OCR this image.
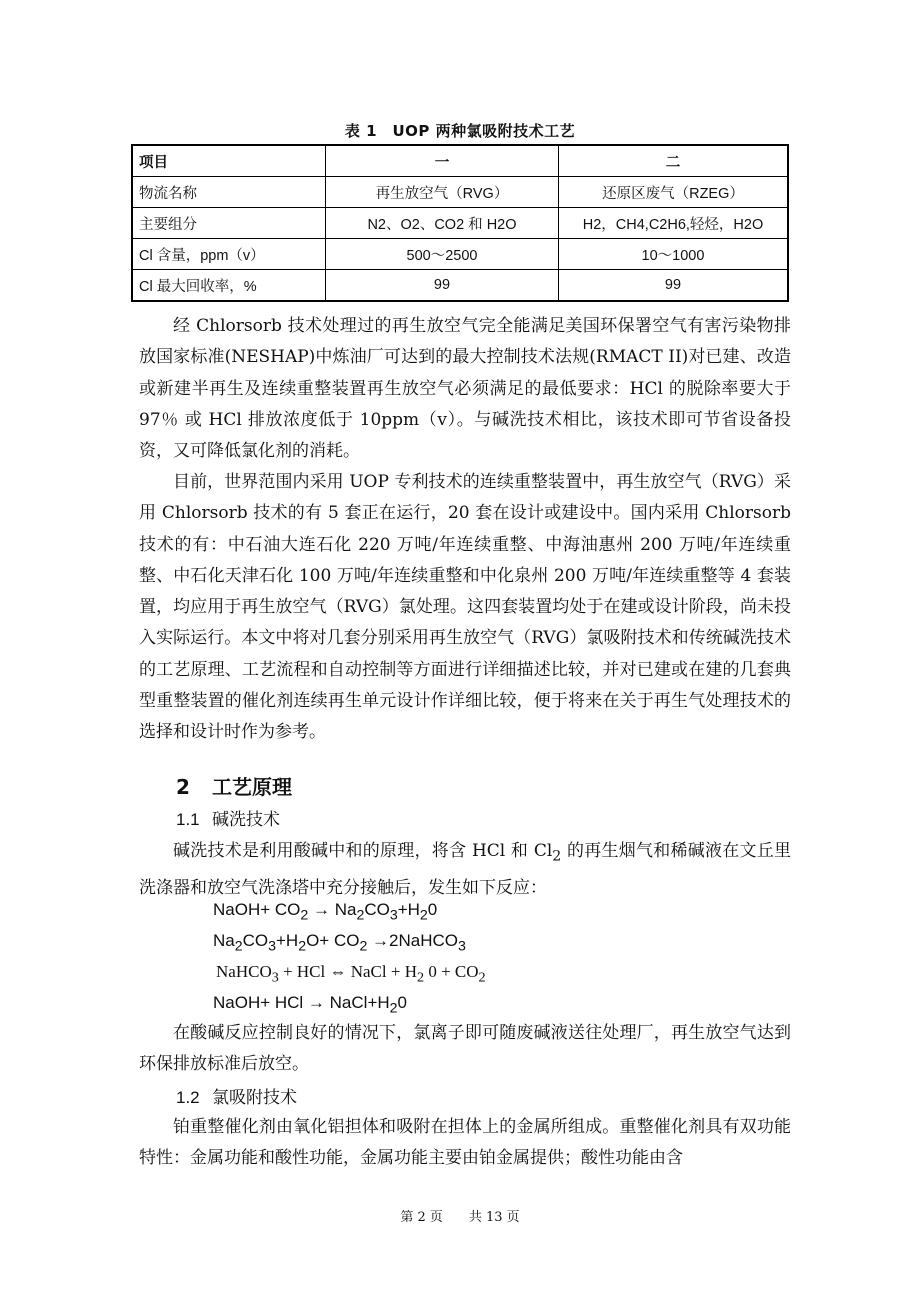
表 1　UOP 两种氯吸附技术工艺
项目	一	二
物流名称	再生放空气（RVG）	还原区废气（RZEG）
主要组分	N2、O2、CO2 和 H2O	H2，CH4,C2H6,轻烃，H2O
Cl 含量，ppm（v）	500～2500	10～1000
Cl 最大回收率，%	99	99
经 Chlorsorb 技术处理过的再生放空气完全能满足美国环保署空气有害污染物排放国家标准(NESHAP)中炼油厂可达到的最大控制技术法规(RMACT II)对已建、改造或新建半再生及连续重整装置再生放空气必须满足的最低要求：HCl 的脱除率要大于 97％ 或 HCl 排放浓度低于 10ppm（v）。与碱洗技术相比，该技术即可节省设备投资，又可降低氯化剂的消耗。
目前，世界范围内采用 UOP 专利技术的连续重整装置中，再生放空气（RVG）采用 Chlorsorb 技术的有 5 套正在运行，20 套在设计或建设中。国内采用 Chlorsorb 技术的有：中石油大连石化 220 万吨/年连续重整、中海油惠州 200 万吨/年连续重整、中石化天津石化 100 万吨/年连续重整和中化泉州 200 万吨/年连续重整等 4 套装置，均应用于再生放空气（RVG）氯处理。这四套装置均处于在建或设计阶段，尚未投入实际运行。本文中将对几套分别采用再生放空气（RVG）氯吸附技术和传统碱洗技术的工艺原理、工艺流程和自动控制等方面进行详细描述比较，并对已建或在建的几套典型重整装置的催化剂连续再生单元设计作详细比较，便于将来在关于再生气处理技术的选择和设计时作为参考。
2 工艺原理
1.1 碱洗技术
碱洗技术是利用酸碱中和的原理，将含 HCl 和 $Cl_2$ 的再生烟气和稀碱液在文丘里洗涤器和放空气洗涤塔中充分接触后，发生如下反应：
NaOH+ $CO_2 \to Na_2CO_3+H_20$
$Na_2CO_3+H_2O+ CO_2$ →2NaHCO$_3$
NaHCO$_3$ + HCl ⇔ NaCl + $H_2$ $0 + CO_2$
NaOH+ HCl → $NaCl+H_20$
在酸碱反应控制良好的情况下，氯离子即可随废碱液送往处理厂，再生放空气达到环保排放标准后放空。
1.2 氯吸附技术
铂重整催化剂由氧化铝担体和吸附在担体上的金属所组成。重整催化剂具有双功能特性：金属功能和酸性功能，金属功能主要由铂金属提供；酸性功能由含
第 2 页　　共 13 页
